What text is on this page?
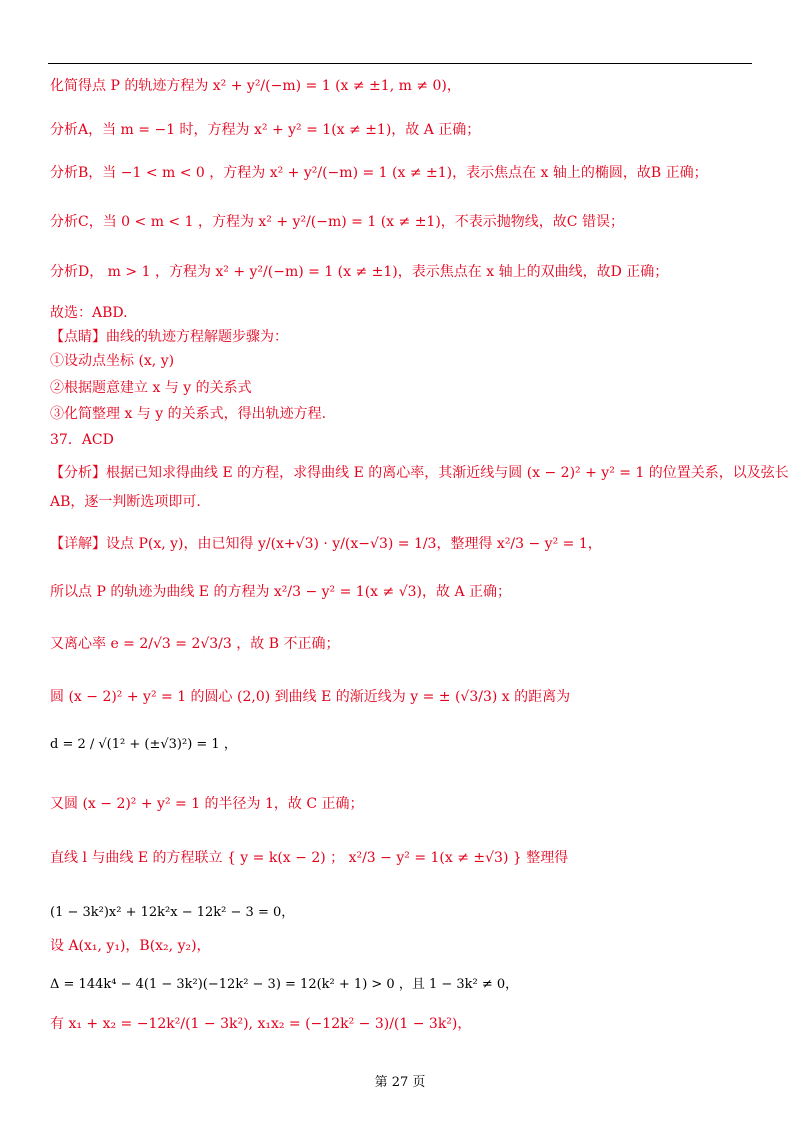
化简得点 P 的轨迹方程为 x² + y²/(−m) = 1 (x ≠ ±1, m ≠ 0)，
分析A，当 m = −1 时，方程为 x² + y² = 1(x ≠ ±1)，故 A 正确；
分析B，当 −1 < m < 0 ，方程为 x² + y²/(−m) = 1 (x ≠ ±1)，表示焦点在 x 轴上的椭圆，故B 正确；
分析C，当 0 < m < 1 ，方程为 x² + y²/(−m) = 1 (x ≠ ±1)，不表示抛物线，故C 错误；
分析D， m > 1 ，方程为 x² + y²/(−m) = 1 (x ≠ ±1)，表示焦点在 x 轴上的双曲线，故D 正确；
故选：ABD.
【点睛】曲线的轨迹方程解题步骤为：
①设动点坐标 (x, y)
②根据题意建立 x 与 y 的关系式
③化简整理 x 与 y 的关系式，得出轨迹方程.
37．ACD
【分析】根据已知求得曲线 E 的方程，求得曲线 E 的离心率，其渐近线与圆 (x − 2)² + y² = 1 的位置关系，以及弦长
AB，逐一判断选项即可.
【详解】设点 P(x, y)，由已知得 y/(x+√3) · y/(x−√3) = 1/3，整理得 x²/3 − y² = 1，
所以点 P 的轨迹为曲线 E 的方程为 x²/3 − y² = 1(x ≠ √3)，故 A 正确；
又离心率 e = 2/√3 = 2√3/3 ，故 B 不正确；
圆 (x − 2)² + y² = 1 的圆心 (2,0) 到曲线 E 的渐近线为 y = ± (√3/3) x 的距离为
d = 2 / √(1² + (±√3)²) = 1 ，
又圆 (x − 2)² + y² = 1 的半径为 1，故 C 正确；
直线 l 与曲线 E 的方程联立 { y = k(x − 2) ； x²/3 − y² = 1(x ≠ ±√3) } 整理得
(1 − 3k²)x² + 12k²x − 12k² − 3 = 0，
设 A(x₁, y₁)，B(x₂, y₂)，
Δ = 144k⁴ − 4(1 − 3k²)(−12k² − 3) = 12(k² + 1) > 0 ，且 1 − 3k² ≠ 0，
有 x₁ + x₂ = −12k²/(1 − 3k²), x₁x₂ = (−12k² − 3)/(1 − 3k²)，
第 27 页
